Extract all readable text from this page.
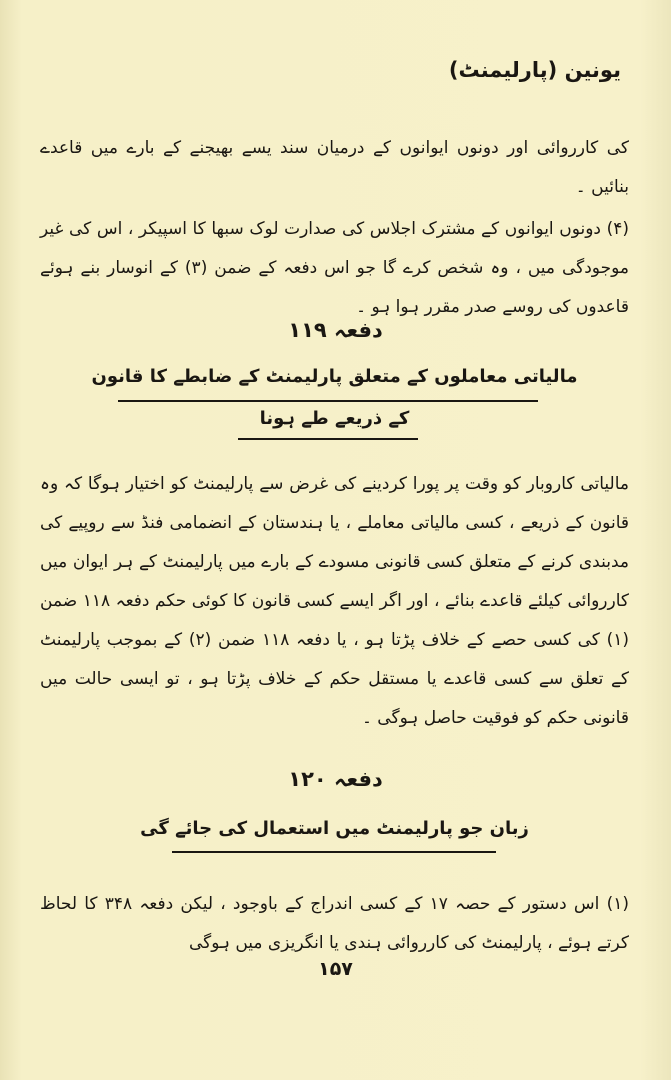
یونین (پارلیمنٹ)

کی کارروائی اور دونوں ایوانوں کے درمیان سند یسے بھیجنے کے بارے میں قاعدے بنائیں ۔

(۴) دونوں ایوانوں کے مشترک اجلاس کی صدارت لوک سبھا کا اسپیکر ، اس کی غیر موجودگی میں ، وہ شخص کرے گا جو اس دفعہ کے ضمن (۳) کے انوسار بنے ہوئے قاعدوں کی روسے صدر مقرر ہوا ہو ۔

دفعہ ۱۱۹
مالیاتی معاملوں کے متعلق پارلیمنٹ کے ضابطے کا قانون
کے ذریعے طے ہونا

مالیاتی کاروبار کو وقت پر پورا کردینے کی غرض سے پارلیمنٹ کو اختیار ہوگا کہ وہ قانون کے ذریعے ، کسی مالیاتی معاملے ، یا ہندستان کے انضمامی فنڈ سے روپیے کی مدبندی کرنے کے متعلق کسی قانونی مسودے کے بارے میں پارلیمنٹ کے ہر ایوان میں کارروائی کیلئے قاعدے بنائے ، اور اگر ایسے کسی قانون کا کوئی حکم دفعہ ۱۱۸ ضمن (۱) کی کسی حصے کے خلاف پڑتا ہو ، یا دفعہ ۱۱۸ ضمن (۲) کے بموجب پارلیمنٹ کے تعلق سے کسی قاعدے یا مستقل حکم کے خلاف پڑتا ہو ، تو ایسی حالت میں قانونی حکم کو فوقیت حاصل ہوگی ۔

دفعہ ۱۲۰
زبان جو پارلیمنٹ میں استعمال کی جائے گی

(۱) اس دستور کے حصہ ۱۷ کے کسی اندراج کے باوجود ، لیکن دفعہ ۳۴۸ کا لحاظ کرتے ہوئے ، پارلیمنٹ کی کارروائی ہندی یا انگریزی میں ہوگی

۱۵۷
